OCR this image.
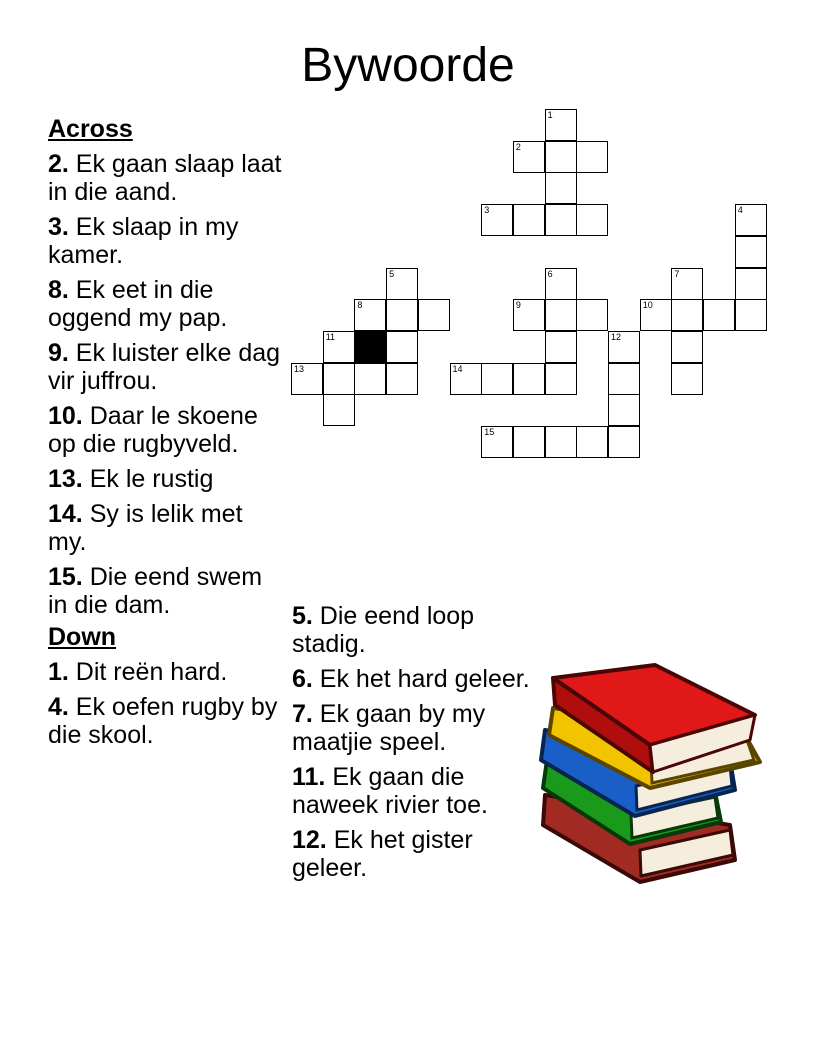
Bywoorde
Across
2. Ek gaan slaap laat in die aand.
3. Ek slaap in my kamer.
8. Ek eet in die oggend my pap.
9. Ek luister elke dag vir juffrou.
10. Daar le skoene op die rugbyveld.
13. Ek le rustig
14. Sy is lelik met my.
15. Die eend swem in die dam.
Down
1. Dit reën hard.
4. Ek oefen rugby by die skool.
5. Die eend loop stadig.
6. Ek het hard geleer.
7. Ek gaan by my maatjie speel.
11. Ek gaan die naweek rivier toe.
12. Ek het gister geleer.
1
2
3	4
5	6	7
8	9	10
11	12
13	14
15
